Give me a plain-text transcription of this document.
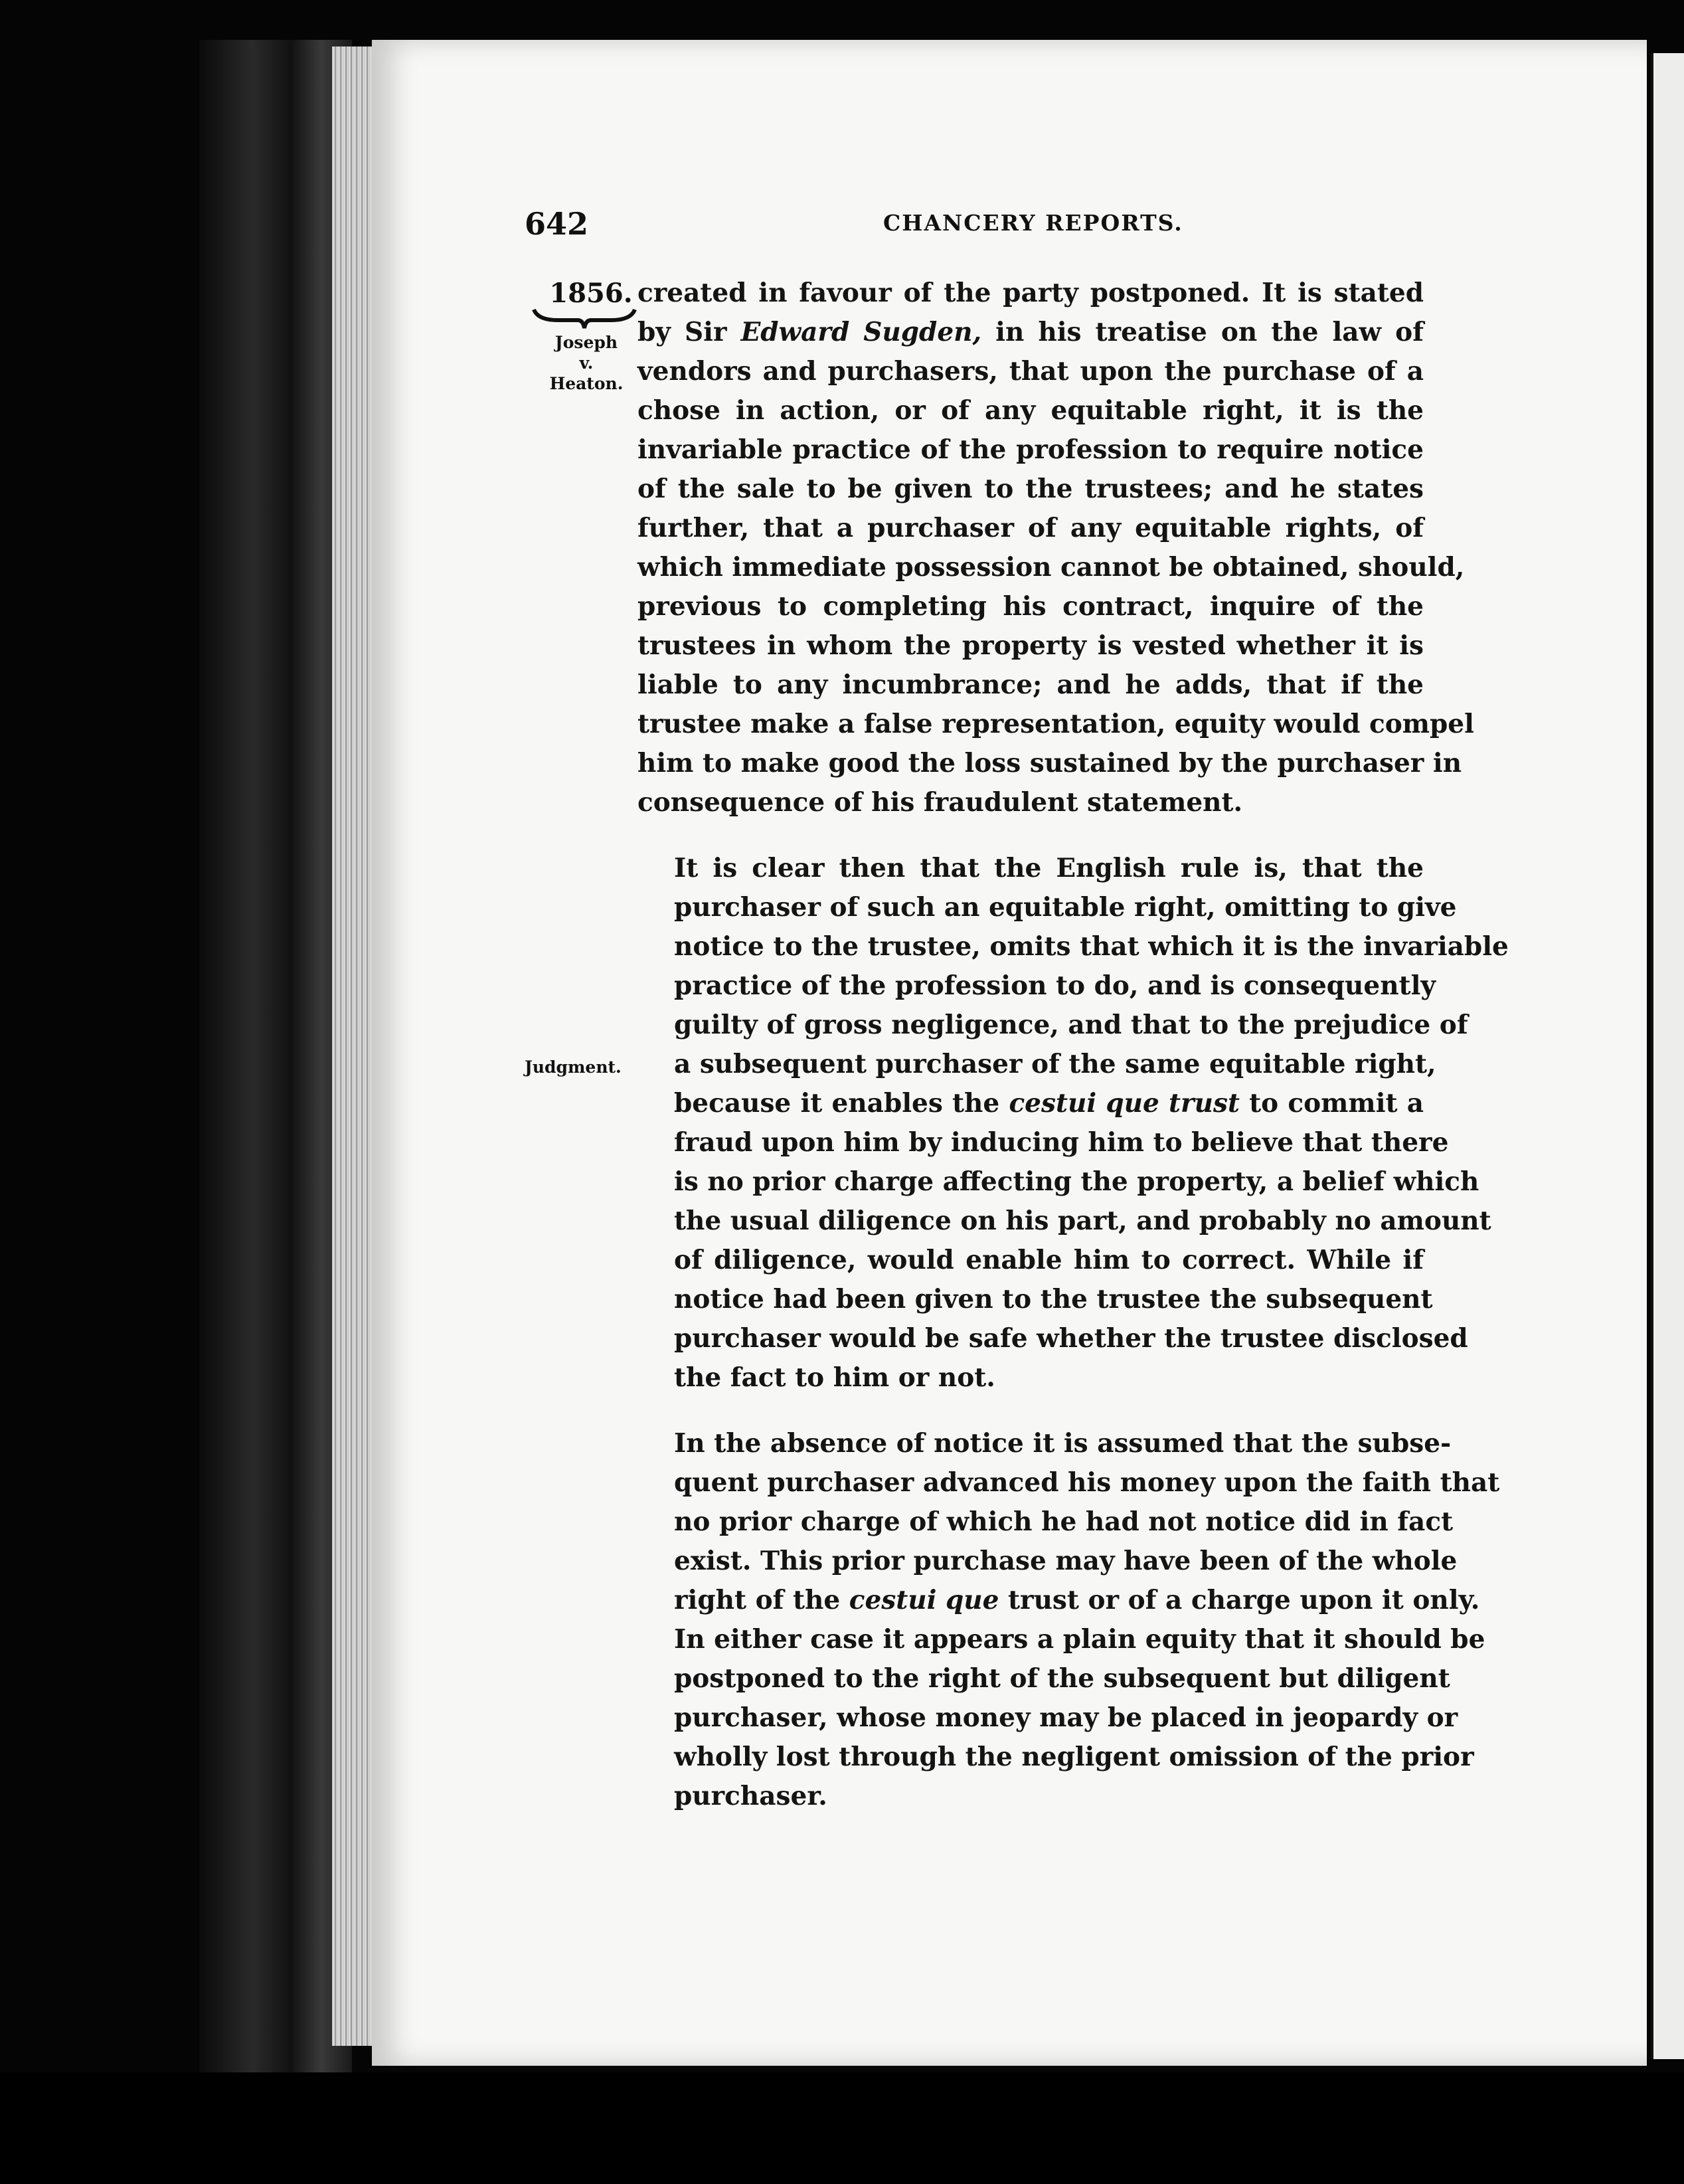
642	CHANCERY REPORTS.
1856.
Joseph
v.
Heaton.
Judgment.

created in favour of the party postponed. It is stated
by Sir Edward Sugden, in his treatise on the law of
vendors and purchasers, that upon the purchase of a
chose in action, or of any equitable right, it is the
invariable practice of the profession to require notice
of the sale to be given to the trustees; and he states
further, that a purchaser of any equitable rights, of
which immediate possession cannot be obtained, should,
previous to completing his contract, inquire of the
trustees in whom the property is vested whether it is
liable to any incumbrance; and he adds, that if the
trustee make a false representation, equity would compel
him to make good the loss sustained by the purchaser in
consequence of his fraudulent statement.

It is clear then that the English rule is, that the
purchaser of such an equitable right, omitting to give
notice to the trustee, omits that which it is the invariable
practice of the profession to do, and is consequently
guilty of gross negligence, and that to the prejudice of
a subsequent purchaser of the same equitable right,
because it enables the cestui que trust to commit a
fraud upon him by inducing him to believe that there
is no prior charge affecting the property, a belief which
the usual diligence on his part, and probably no amount
of diligence, would enable him to correct. While if
notice had been given to the trustee the subsequent
purchaser would be safe whether the trustee disclosed
the fact to him or not.

In the absence of notice it is assumed that the subse-
quent purchaser advanced his money upon the faith that
no prior charge of which he had not notice did in fact
exist. This prior purchase may have been of the whole
right of the cestui que trust or of a charge upon it only.
In either case it appears a plain equity that it should be
postponed to the right of the subsequent but diligent
purchaser, whose money may be placed in jeopardy or
wholly lost through the negligent omission of the prior
purchaser.
